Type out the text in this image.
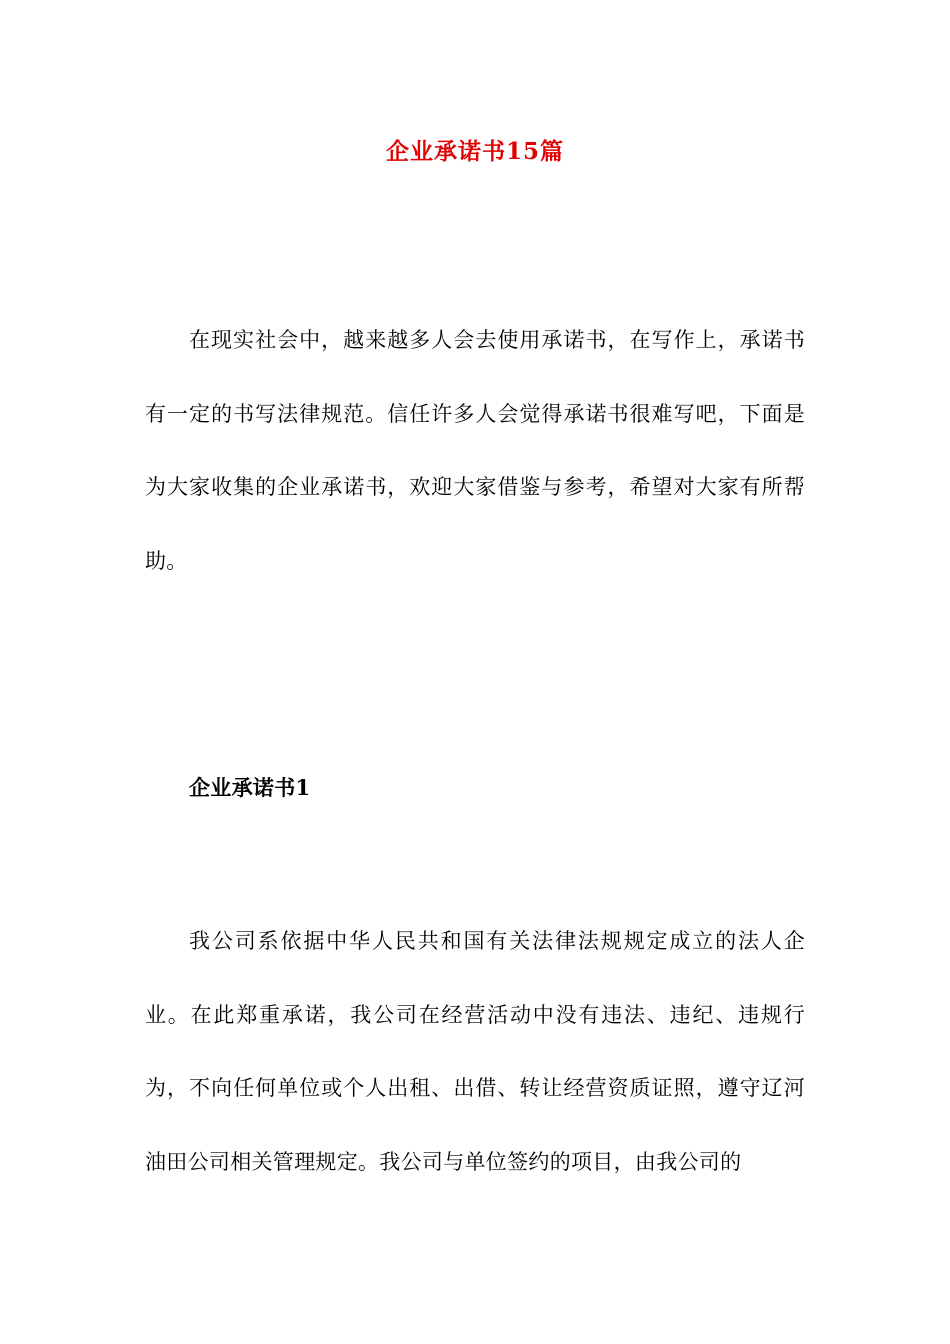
企业承诺书15篇

在现实社会中，越来越多人会去使用承诺书，在写作上，承诺书有一定的书写法律规范。信任许多人会觉得承诺书很难写吧，下面是为大家收集的企业承诺书，欢迎大家借鉴与参考，希望对大家有所帮助。

企业承诺书1

我公司系依据中华人民共和国有关法律法规规定成立的法人企业。在此郑重承诺，我公司在经营活动中没有违法、违纪、违规行为，不向任何单位或个人出租、出借、转让经营资质证照，遵守辽河油田公司相关管理规定。我公司与单位签约的项目，由我公司的
